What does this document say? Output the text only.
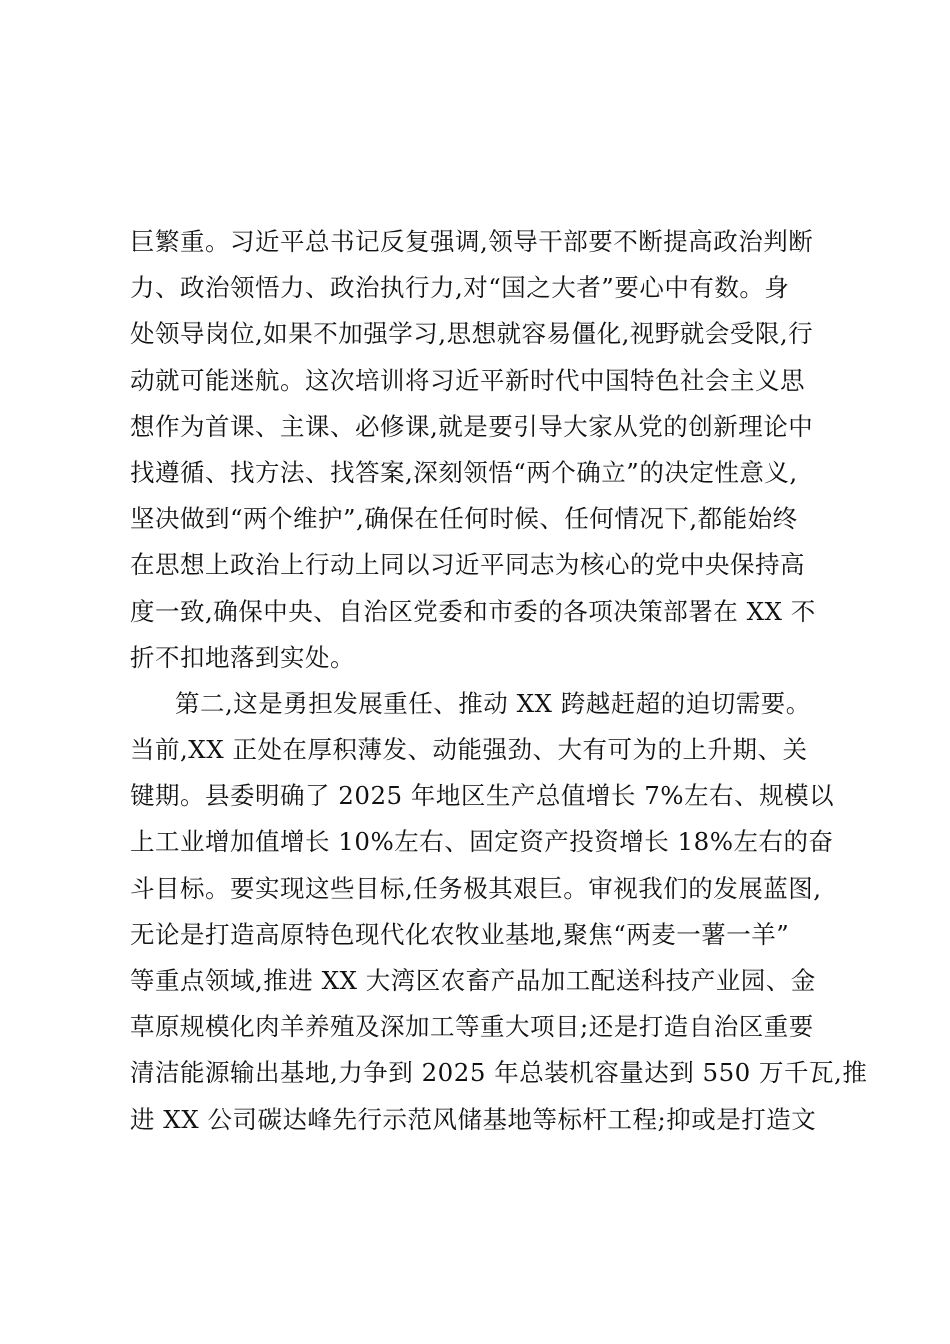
巨繁重。习近平总书记反复强调,领导干部要不断提高政治判断
力、政治领悟力、政治执行力,对“国之大者”要心中有数。身
处领导岗位,如果不加强学习,思想就容易僵化,视野就会受限,行
动就可能迷航。这次培训将习近平新时代中国特色社会主义思
想作为首课、主课、必修课,就是要引导大家从党的创新理论中
找遵循、找方法、找答案,深刻领悟“两个确立”的决定性意义,
坚决做到“两个维护”,确保在任何时候、任何情况下,都能始终
在思想上政治上行动上同以习近平同志为核心的党中央保持高
度一致,确保中央、自治区党委和市委的各项决策部署在 XX 不
折不扣地落到实处。
第二,这是勇担发展重任、推动 XX 跨越赶超的迫切需要。
当前,XX 正处在厚积薄发、动能强劲、大有可为的上升期、关
键期。县委明确了 2025 年地区生产总值增长 7%左右、规模以
上工业增加值增长 10%左右、固定资产投资增长 18%左右的奋
斗目标。要实现这些目标,任务极其艰巨。审视我们的发展蓝图,
无论是打造高原特色现代化农牧业基地,聚焦“两麦一薯一羊”
等重点领域,推进 XX 大湾区农畜产品加工配送科技产业园、金
草原规模化肉羊养殖及深加工等重大项目;还是打造自治区重要
清洁能源输出基地,力争到 2025 年总装机容量达到 550 万千瓦,推
进 XX 公司碳达峰先行示范风储基地等标杆工程;抑或是打造文
